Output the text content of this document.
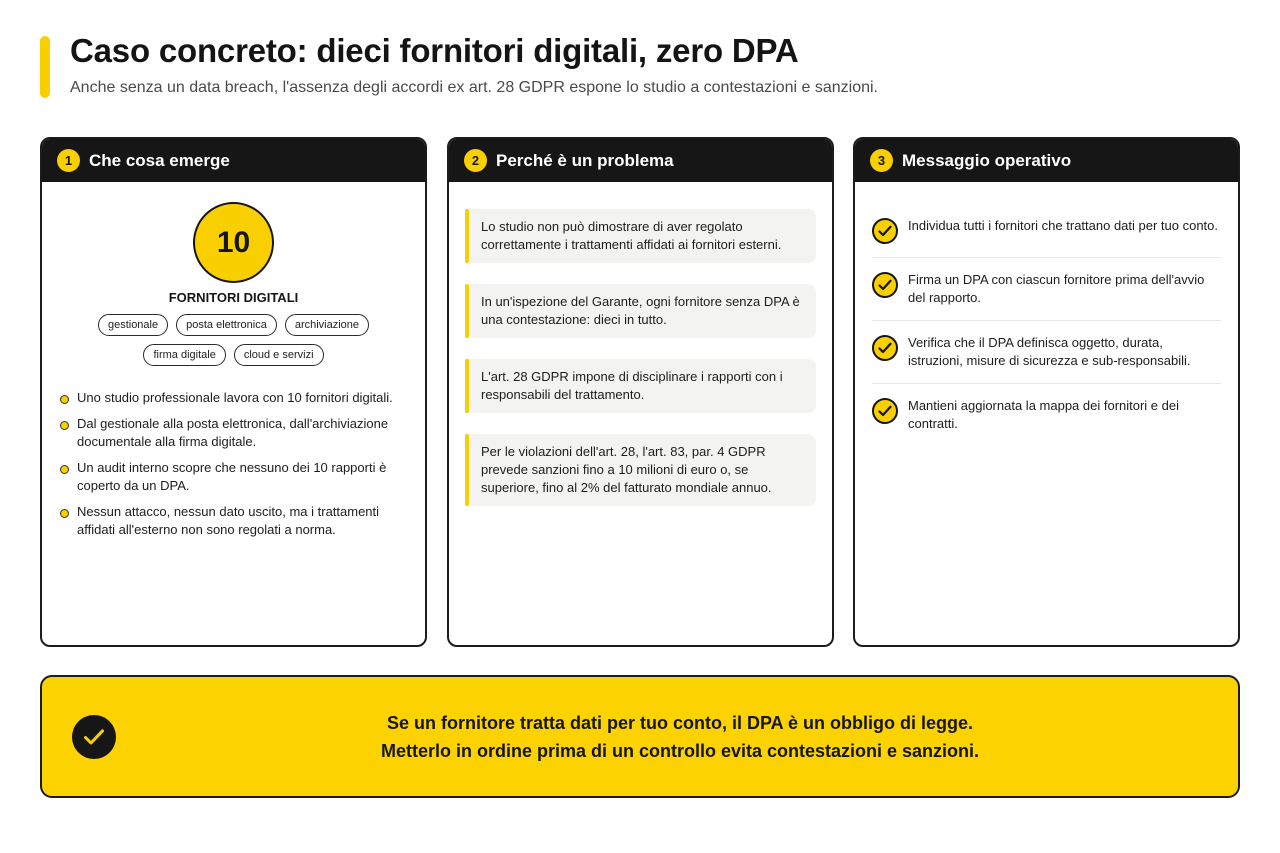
Caso concreto: dieci fornitori digitali, zero DPA

Anche senza un data breach, l'assenza degli accordi ex art. 28 GDPR espone lo studio a contestazioni e sanzioni.

1 Che cosa emerge
10
FORNITORI DIGITALI
gestionale	posta elettronica	archiviazione
firma digitale	cloud e servizi
Uno studio professionale lavora con 10 fornitori digitali.
Dal gestionale alla posta elettronica, dall'archiviazione documentale alla firma digitale.
Un audit interno scopre che nessuno dei 10 rapporti è coperto da un DPA.
Nessun attacco, nessun dato uscito, ma i trattamenti affidati all'esterno non sono regolati a norma.
2 Perché è un problema
Lo studio non può dimostrare di aver regolato correttamente i trattamenti affidati ai fornitori esterni.
In un'ispezione del Garante, ogni fornitore senza DPA è una contestazione: dieci in tutto.
L'art. 28 GDPR impone di disciplinare i rapporti con i responsabili del trattamento.
Per le violazioni dell'art. 28, l'art. 83, par. 4 GDPR prevede sanzioni fino a 10 milioni di euro o, se superiore, fino al 2% del fatturato mondiale annuo.
3 Messaggio operativo
Individua tutti i fornitori che trattano dati per tuo conto.
Firma un DPA con ciascun fornitore prima dell'avvio del rapporto.
Verifica che il DPA definisca oggetto, durata, istruzioni, misure di sicurezza e sub-responsabili.
Mantieni aggiornata la mappa dei fornitori e dei contratti.
Se un fornitore tratta dati per tuo conto, il DPA è un obbligo di legge.
Metterlo in ordine prima di un controllo evita contestazioni e sanzioni.
